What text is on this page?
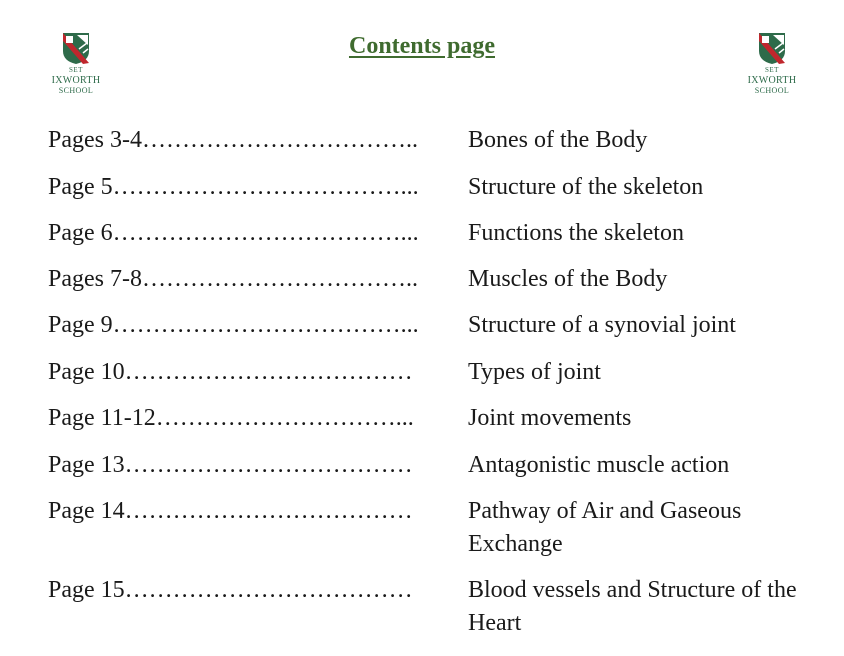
SET
IXWORTH
SCHOOL
Contents page
SET
IXWORTH
SCHOOL
Pages 3-4……………………………..	Bones of the Body
Page 5………………………………...	Structure of the skeleton
Page 6………………………………...	Functions the skeleton
Pages 7-8……………………………..	Muscles of the Body
Page 9………………………………...	Structure of a synovial joint
Page 10………………………………	Types of joint
Page 11-12…………………………...	Joint movements
Page 13………………………………	Antagonistic muscle action
Page 14………………………………	Pathway of Air and Gaseous Exchange
Page 15………………………………	Blood vessels and Structure of the Heart
